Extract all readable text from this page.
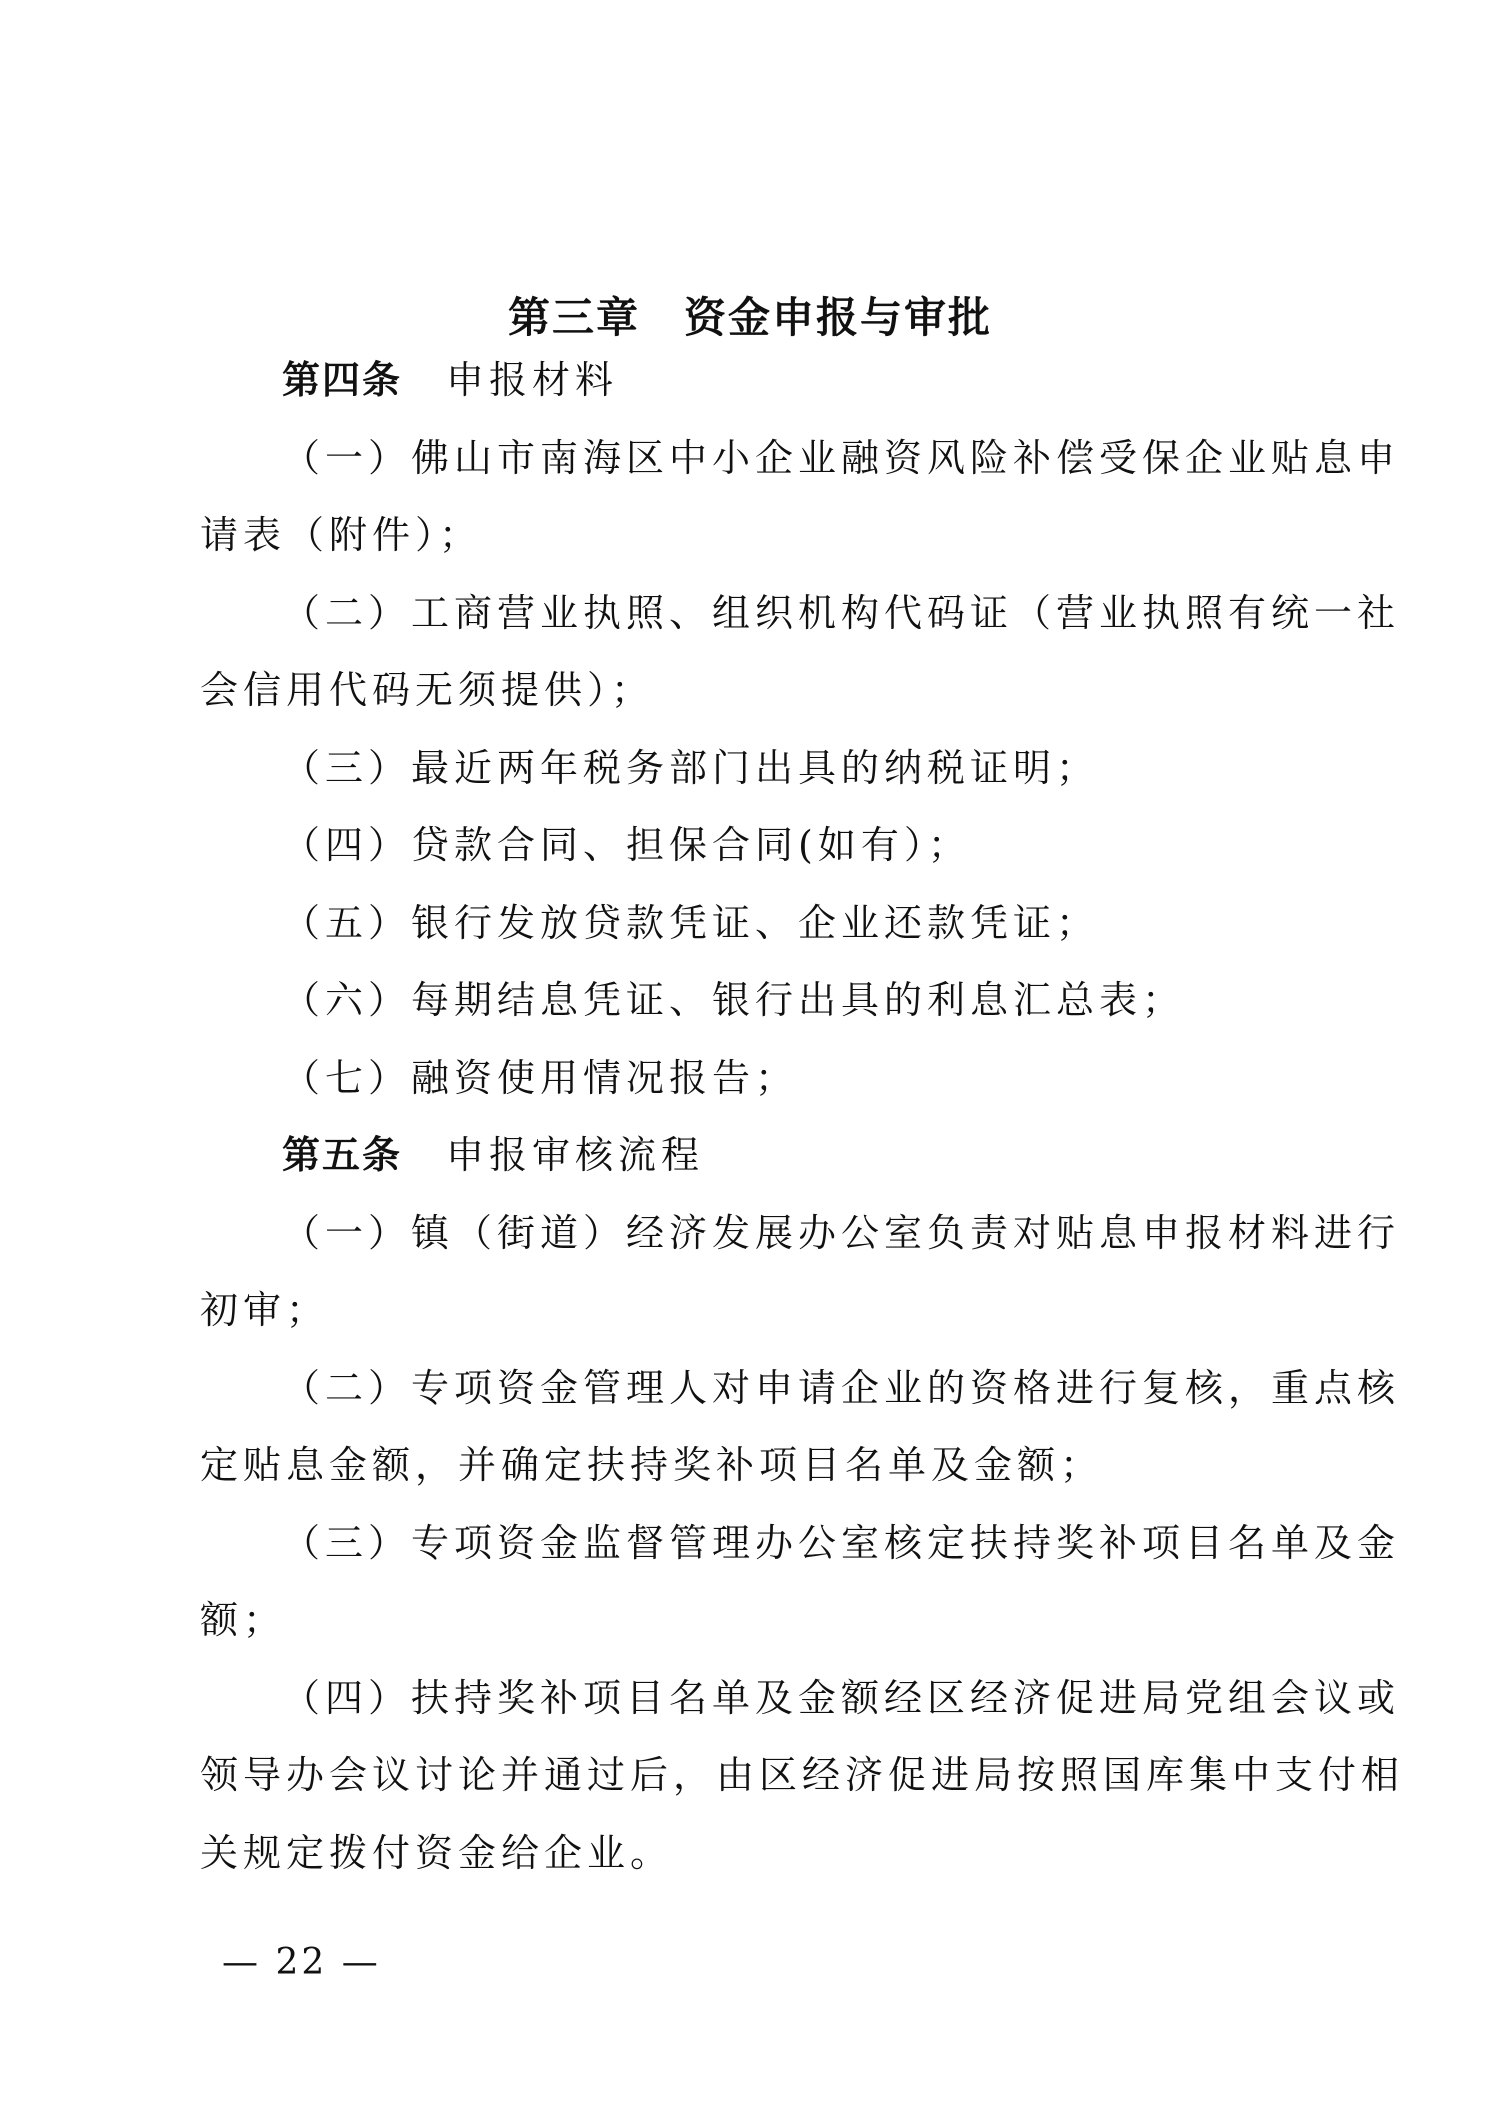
第三章　资金申报与审批
第四条 申报材料
（一）佛山市南海区中小企业融资风险补偿受保企业贴息申
请表（附件）；
（二）工商营业执照、组织机构代码证（营业执照有统一社
会信用代码无须提供）；
（三）最近两年税务部门出具的纳税证明；
（四）贷款合同、担保合同(如有）；
（五）银行发放贷款凭证、企业还款凭证；
（六）每期结息凭证、银行出具的利息汇总表；
（七）融资使用情况报告；
第五条 申报审核流程
（一）镇（街道）经济发展办公室负责对贴息申报材料进行
初审；
（二）专项资金管理人对申请企业的资格进行复核，重点核
定贴息金额，并确定扶持奖补项目名单及金额；
（三）专项资金监督管理办公室核定扶持奖补项目名单及金
额；
（四）扶持奖补项目名单及金额经区经济促进局党组会议或
领导办会议讨论并通过后，由区经济促进局按照国库集中支付相
关规定拨付资金给企业。
— 22 —
